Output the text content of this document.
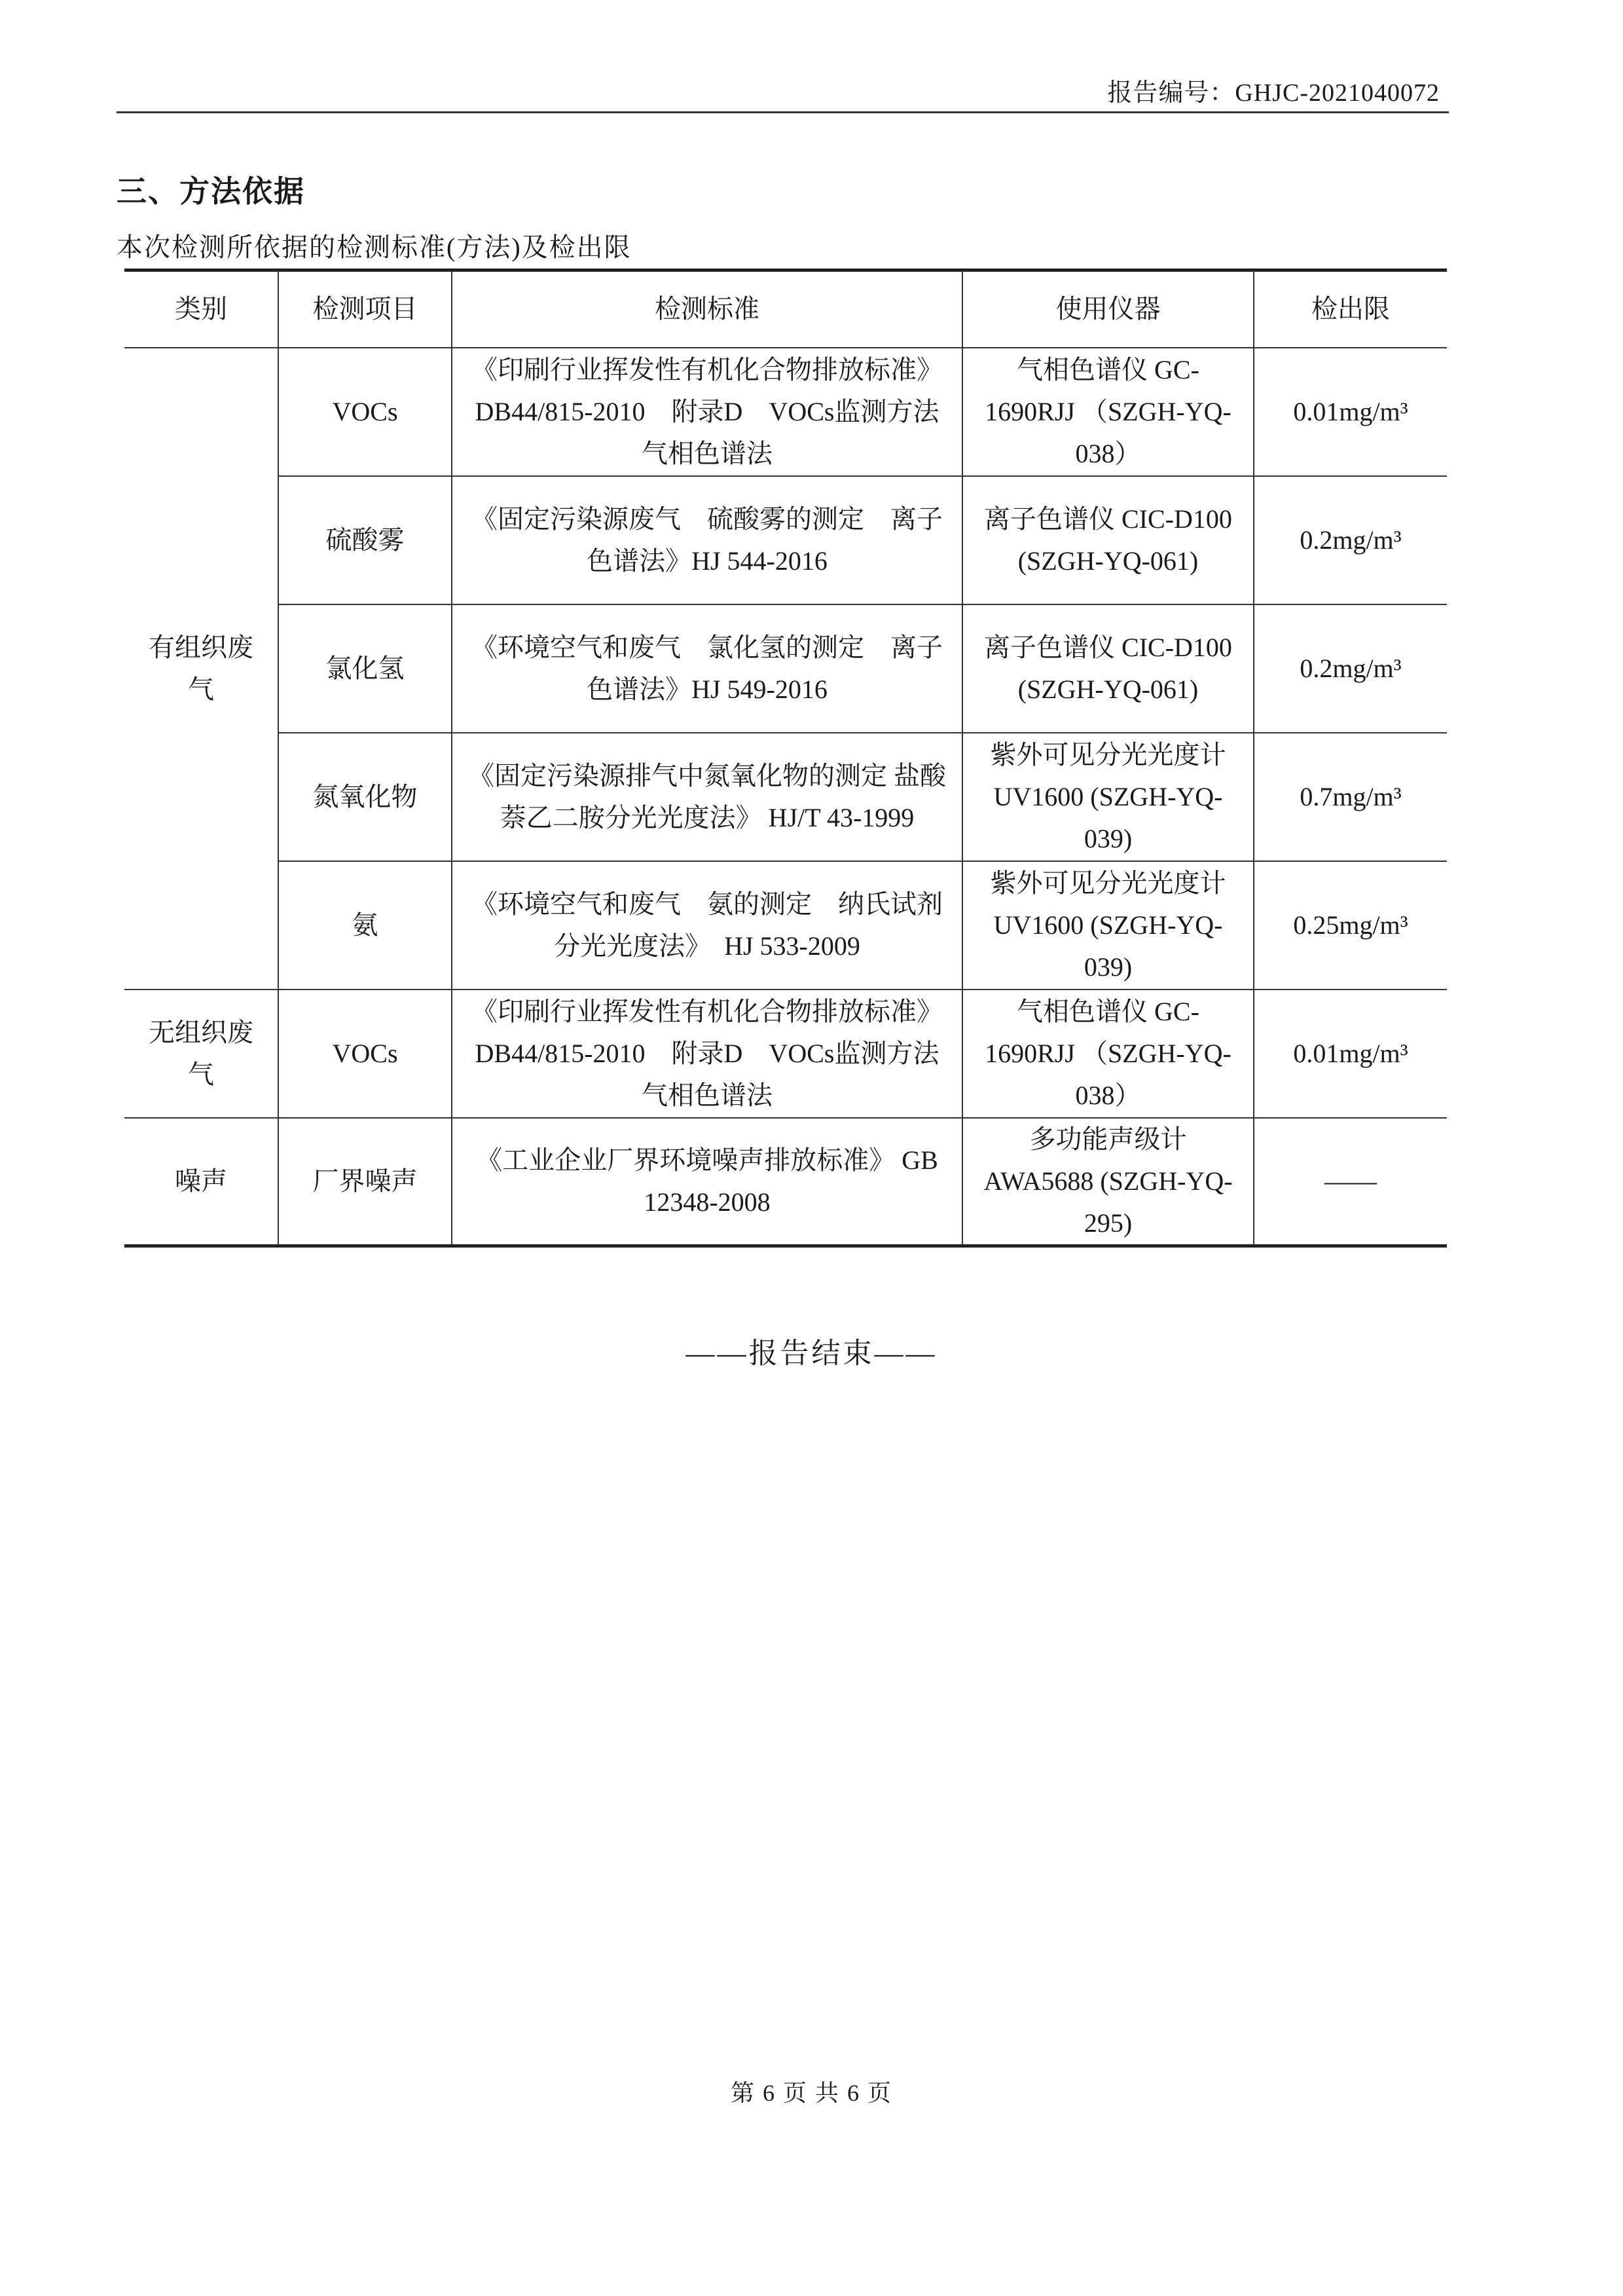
报告编号：GHJC-2021040072
三、方法依据
本次检测所依据的检测标准(方法)及检出限
类别	检测项目	检测标准	使用仪器	检出限
有组织废气	VOCs	《印刷行业挥发性有机化合物排放标准》DB44/815-2010　附录D　VOCs监测方法　气相色谱法	气相色谱仪 GC-1690RJJ （SZGH-YQ-038）	0.01mg/m³
	硫酸雾	《固定污染源废气　硫酸雾的测定　离子色谱法》HJ 544-2016	离子色谱仪 CIC-D100 (SZGH-YQ-061)	0.2mg/m³
	氯化氢	《环境空气和废气　氯化氢的测定　离子色谱法》HJ 549-2016	离子色谱仪 CIC-D100 (SZGH-YQ-061)	0.2mg/m³
	氮氧化物	《固定污染源排气中氮氧化物的测定 盐酸萘乙二胺分光光度法》 HJ/T 43-1999	紫外可见分光光度计 UV1600 (SZGH-YQ-039)	0.7mg/m³
	氨	《环境空气和废气　氨的测定　纳氏试剂分光光度法》　HJ 533-2009	紫外可见分光光度计 UV1600 (SZGH-YQ-039)	0.25mg/m³
无组织废气	VOCs	《印刷行业挥发性有机化合物排放标准》DB44/815-2010　附录D　VOCs监测方法　气相色谱法	气相色谱仪 GC-1690RJJ （SZGH-YQ-038）	0.01mg/m³
噪声	厂界噪声	《工业企业厂界环境噪声排放标准》 GB 12348-2008	多功能声级计 AWA5688 (SZGH-YQ-295)	——
——报告结束——
第 6 页 共 6 页
